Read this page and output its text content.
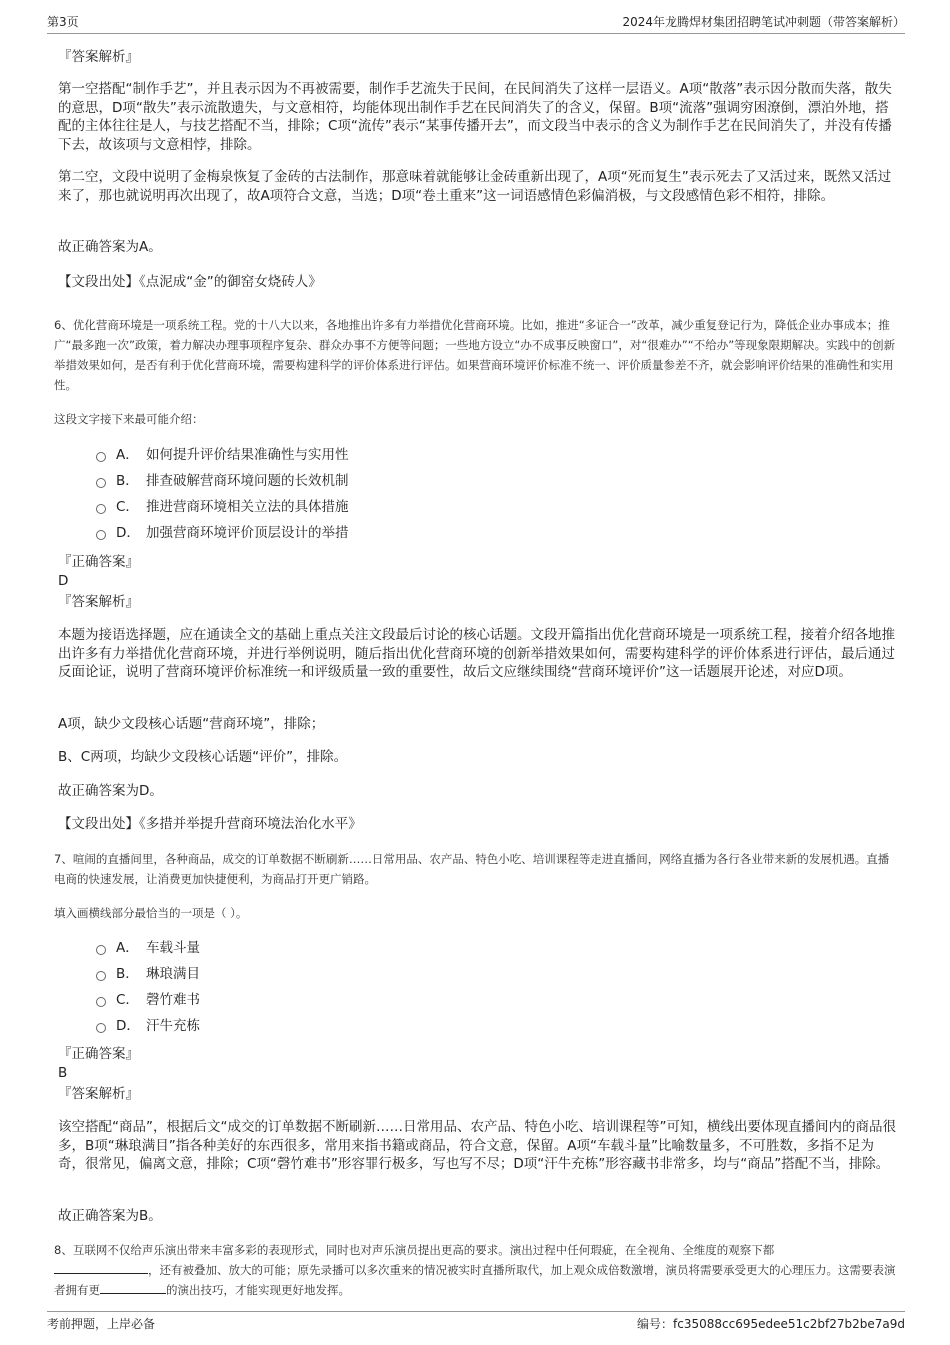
第3页	2024年龙腾焊材集团招聘笔试冲刺题（带答案解析）
『答案解析』

第一空搭配“制作手艺”，并且表示因为不再被需要，制作手艺流失于民间，在民间消失了这样一层语义。A项“散落”表示因分散而失落，散失的意思，D项“散失”表示流散遗失，与文意相符，均能体现出制作手艺在民间消失了的含义，保留。B项“流落”强调穷困潦倒，漂泊外地，搭配的主体往往是人，与技艺搭配不当，排除；C项“流传”表示“某事传播开去”，而文段当中表示的含义为制作手艺在民间消失了，并没有传播下去，故该项与文意相悖，排除。

第二空，文段中说明了金梅泉恢复了金砖的古法制作，那意味着就能够让金砖重新出现了，A项“死而复生”表示死去了又活过来，既然又活过来了，那也就说明再次出现了，故A项符合文意，当选；D项“卷土重来”这一词语感情色彩偏消极，与文段感情色彩不相符，排除。

故正确答案为A。
【文段出处】《点泥成“金”的御窑女烧砖人》

6、优化营商环境是一项系统工程。党的十八大以来，各地推出许多有力举措优化营商环境。比如，推进“多证合一”改革，减少重复登记行为，降低企业办事成本；推广“最多跑一次”政策，着力解决办理事项程序复杂、群众办事不方便等问题；一些地方设立“办不成事反映窗口”，对“很难办”“不给办”等现象限期解决。实践中的创新举措效果如何，是否有利于优化营商环境，需要构建科学的评价体系进行评估。如果营商环境评价标准不统一、评价质量参差不齐，就会影响评价结果的准确性和实用性。

这段文字接下来最可能介绍：
A． 如何提升评价结果准确性与实用性
B． 排查破解营商环境问题的长效机制
C． 推进营商环境相关立法的具体措施
D． 加强营商环境评价顶层设计的举措
『正确答案』
D
『答案解析』

本题为接语选择题，应在通读全文的基础上重点关注文段最后讨论的核心话题。文段开篇指出优化营商环境是一项系统工程，接着介绍各地推出许多有力举措优化营商环境，并进行举例说明，随后指出优化营商环境的创新举措效果如何，需要构建科学的评价体系进行评估，最后通过反面论证，说明了营商环境评价标准统一和评级质量一致的重要性，故后文应继续围绕“营商环境评价”这一话题展开论述，对应D项。

A项，缺少文段核心话题“营商环境”，排除；
B、C两项，均缺少文段核心话题“评价”，排除。
故正确答案为D。
【文段出处】《多措并举提升营商环境法治化水平》

7、喧闹的直播间里，各种商品，成交的订单数据不断刷新……日常用品、农产品、特色小吃、培训课程等走进直播间，网络直播为各行各业带来新的发展机遇。直播电商的快速发展，让消费更加快捷便利，为商品打开更广销路。

填入画横线部分最恰当的一项是（ ）。
A． 车载斗量
B． 琳琅满目
C． 磬竹难书
D． 汗牛充栋
『正确答案』
B
『答案解析』

该空搭配“商品”，根据后文“成交的订单数据不断刷新……日常用品、农产品、特色小吃、培训课程等”可知，横线出要体现直播间内的商品很多，B项“琳琅满目”指各种美好的东西很多，常用来指书籍或商品，符合文意，保留。A项“车载斗量”比喻数量多，不可胜数，多指不足为奇，很常见，偏离文意，排除；C项“磬竹难书”形容罪行极多，写也写不尽；D项“汗牛充栋”形容藏书非常多，均与“商品”搭配不当，排除。

故正确答案为B。

8、互联网不仅给声乐演出带来丰富多彩的表现形式，同时也对声乐演员提出更高的要求。演出过程中任何瑕疵，在全视角、全维度的观察下都
，还有被叠加、放大的可能；原先录播可以多次重来的情况被实时直播所取代，加上观众成倍数激增，演员将需要承受更大的心理压力。这需要表演者拥有更	的演出技巧，才能实现更好地发挥。

考前押题，上岸必备	编号：fc35088cc695edee51c2bf27b2be7a9d
